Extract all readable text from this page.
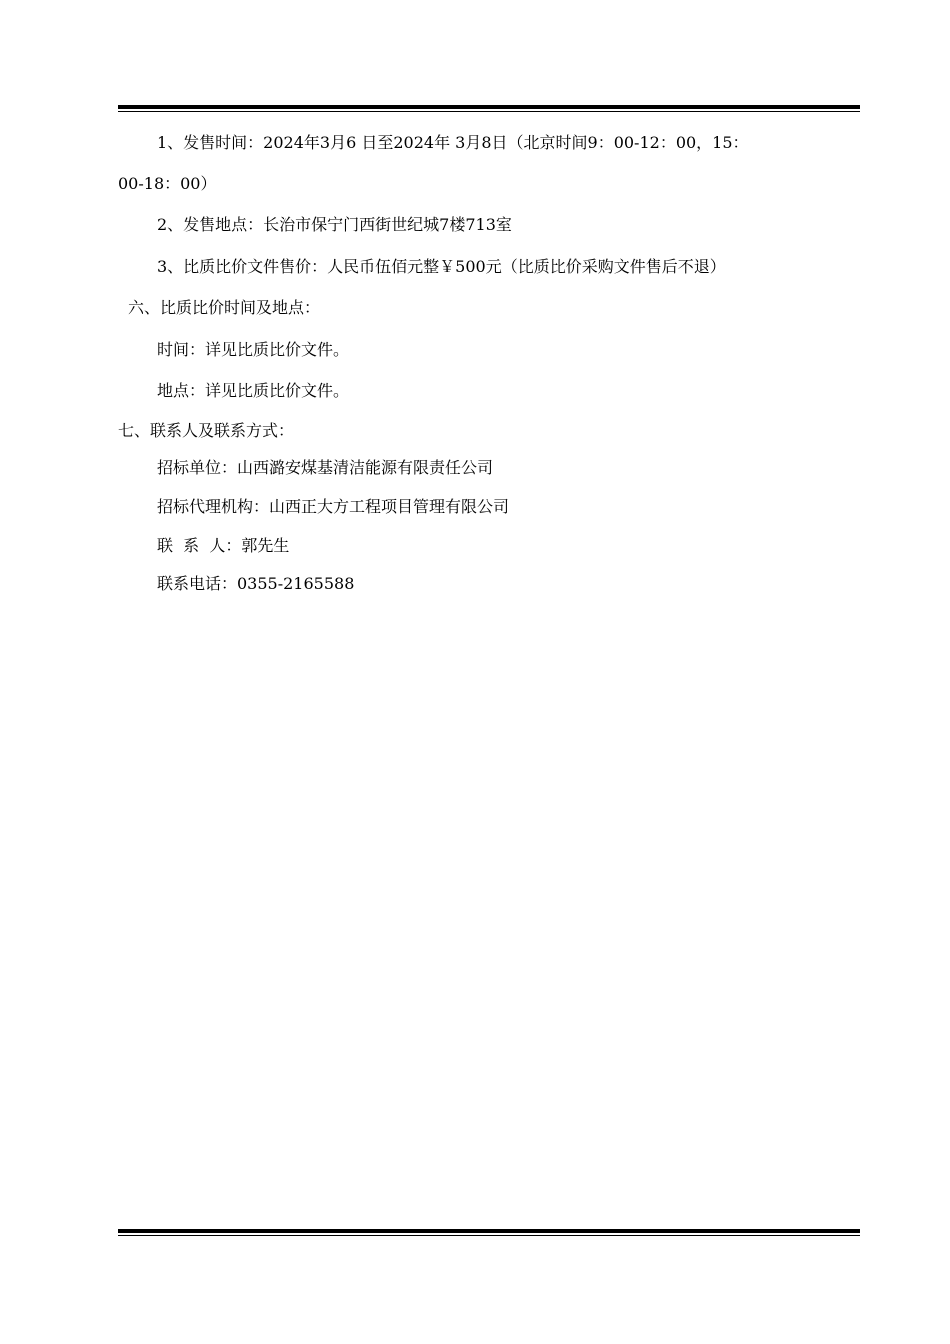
1、发售时间：2024年3月6 日至2024年 3月8日（北京时间9：00-12：00，15：
00-18：00）
2、发售地点：长治市保宁门西街世纪城7楼713室
3、比质比价文件售价：人民币伍佰元整￥500元（比质比价采购文件售后不退）
六、比质比价时间及地点：
时间：详见比质比价文件。
地点：详见比质比价文件。
七、联系人及联系方式：
招标单位：山西潞安煤基清洁能源有限责任公司
招标代理机构：山西正大方工程项目管理有限公司
联  系  人：郭先生
联系电话：0355-2165588
